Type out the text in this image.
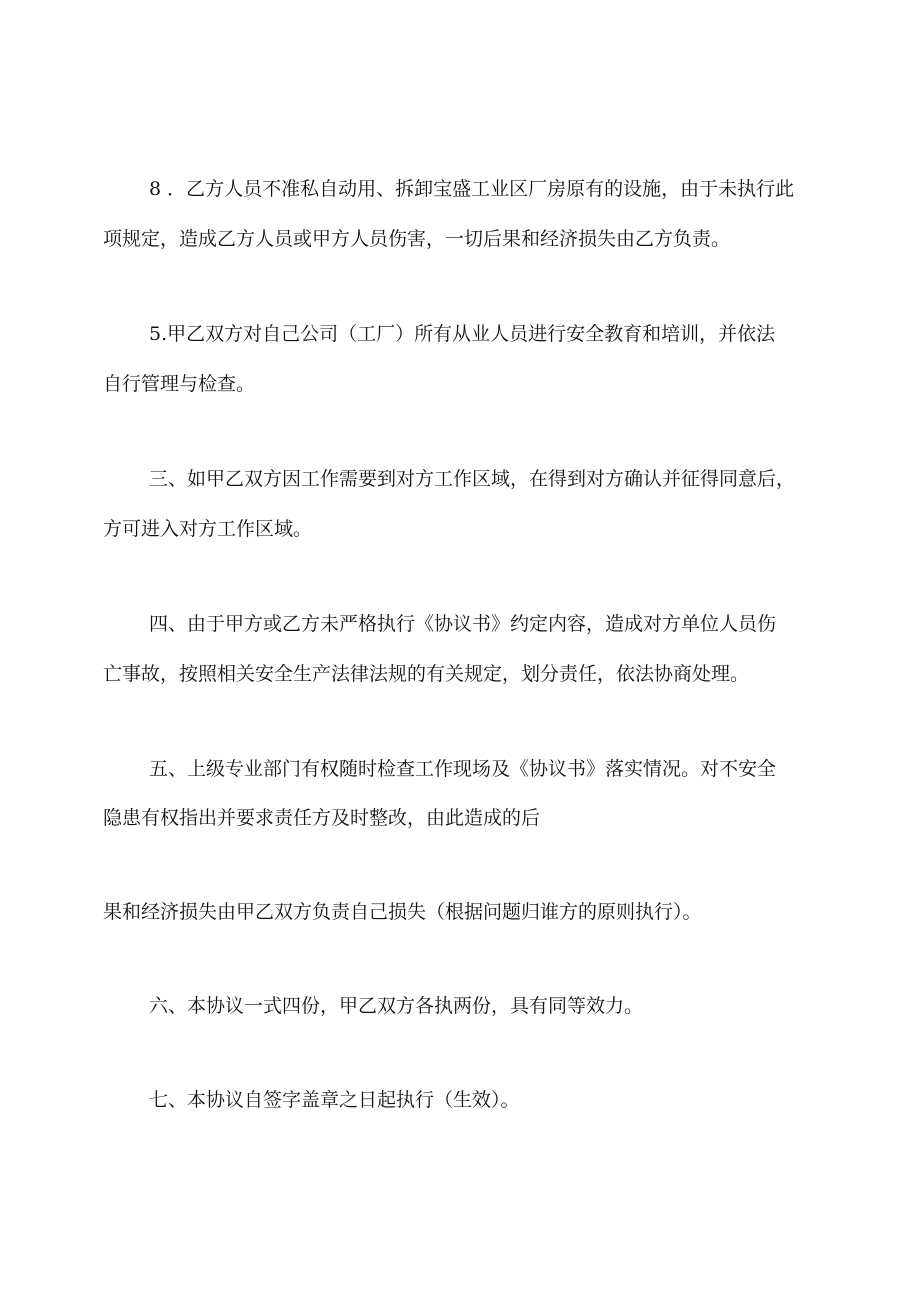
8 ．乙方人员不准私自动用、拆卸宝盛工业区厂房原有的设施，由于未执行此
项规定，造成乙方人员或甲方人员伤害，一切后果和经济损失由乙方负责。
5.甲乙双方对自己公司（工厂）所有从业人员进行安全教育和培训，并依法
自行管理与检查。
三、如甲乙双方因工作需要到对方工作区域，在得到对方确认并征得同意后，
方可进入对方工作区域。
四、由于甲方或乙方未严格执行《协议书》约定内容，造成对方单位人员伤
亡事故，按照相关安全生产法律法规的有关规定，划分责任，依法协商处理。
五、上级专业部门有权随时检查工作现场及《协议书》落实情况。对不安全
隐患有权指出并要求责任方及时整改，由此造成的后
果和经济损失由甲乙双方负责自己损失（根据问题归谁方的原则执行）。
六、本协议一式四份，甲乙双方各执两份，具有同等效力。
七、本协议自签字盖章之日起执行（生效）。
